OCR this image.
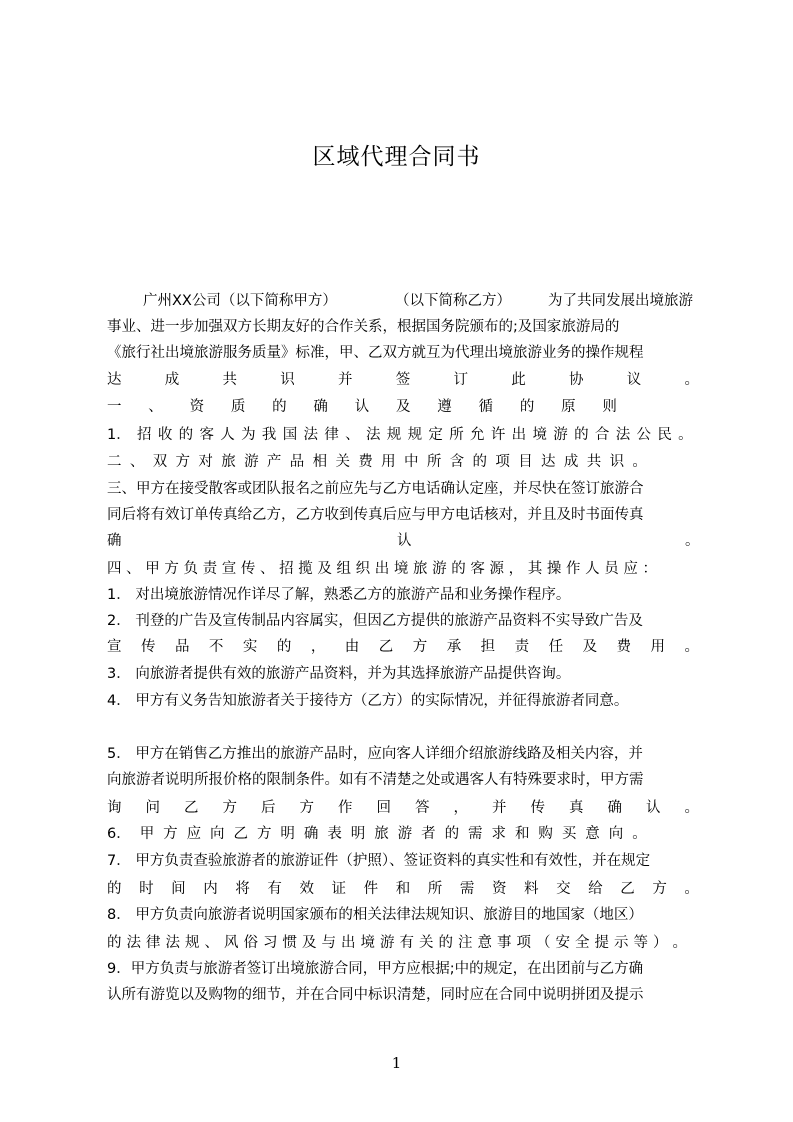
区域代理合同书
广州XX公司（以下简称甲方）	（以下简称乙方）	为了共同发展出境旅游
事业、进一步加强双方长期友好的合作关系，根据国务院颁布的;及国家旅游局的
《旅行社出境旅游服务质量》标准，甲、乙双方就互为代理出境旅游业务的操作规程
达	成	共	识	并	签	订	此	协	议	。
一 、 资 质 的 确 认 及 遵 循 的 原 则
1． 招 收 的 客 人 为 我 国 法 律 、 法 规 规 定 所 允 许 出 境 游 的 合 法 公 民 。
二 、 双 方 对 旅 游 产 品 相 关 费 用 中 所 含 的 项 目 达 成 共 识 。
三、甲方在接受散客或团队报名之前应先与乙方电话确认定座，并尽快在签订旅游合
同后将有效订单传真给乙方，乙方收到传真后应与甲方电话核对，并且及时书面传真
确	认	。
四 、 甲 方 负 责 宣 传 、 招 揽 及 组 织 出 境 旅 游 的 客 源 ， 其 操 作 人 员 应 ：
1． 对出境旅游情况作详尽了解，熟悉乙方的旅游产品和业务操作程序。
2． 刊登的广告及宣传制品内容属实，但因乙方提供的旅游产品资料不实导致广告及
宣 传 品 不 实 的 ， 由 乙 方 承 担 责 任 及 费 用 。
3． 向旅游者提供有效的旅游产品资料，并为其选择旅游产品提供咨询。
4． 甲方有义务告知旅游者关于接待方（乙方）的实际情况，并征得旅游者同意。
5． 甲方在销售乙方推出的旅游产品时，应向客人详细介绍旅游线路及相关内容，并
向旅游者说明所报价格的限制条件。如有不清楚之处或遇客人有特殊要求时，甲方需
询 问 乙 方 后 方 作 回 答 ， 并 传 真 确 认 。
6． 甲 方 应 向 乙 方 明 确 表 明 旅 游 者 的 需 求 和 购 买 意 向 。
7． 甲方负责查验旅游者的旅游证件（护照）、签证资料的真实性和有效性，并在规定
的 时 间 内 将 有 效 证 件 和 所 需 资 料 交 给 乙 方 。
8． 甲方负责向旅游者说明国家颁布的相关法律法规知识、旅游目的地国家（地区）
的 法 律 法 规 、 风 俗 习 惯 及 与 出 境 游 有 关 的 注 意 事 项 （ 安 全 提 示 等 ） 。
9．甲方负责与旅游者签订出境旅游合同，甲方应根据;中的规定，在出团前与乙方确
认所有游览以及购物的细节，并在合同中标识清楚，同时应在合同中说明拼团及提示
1
